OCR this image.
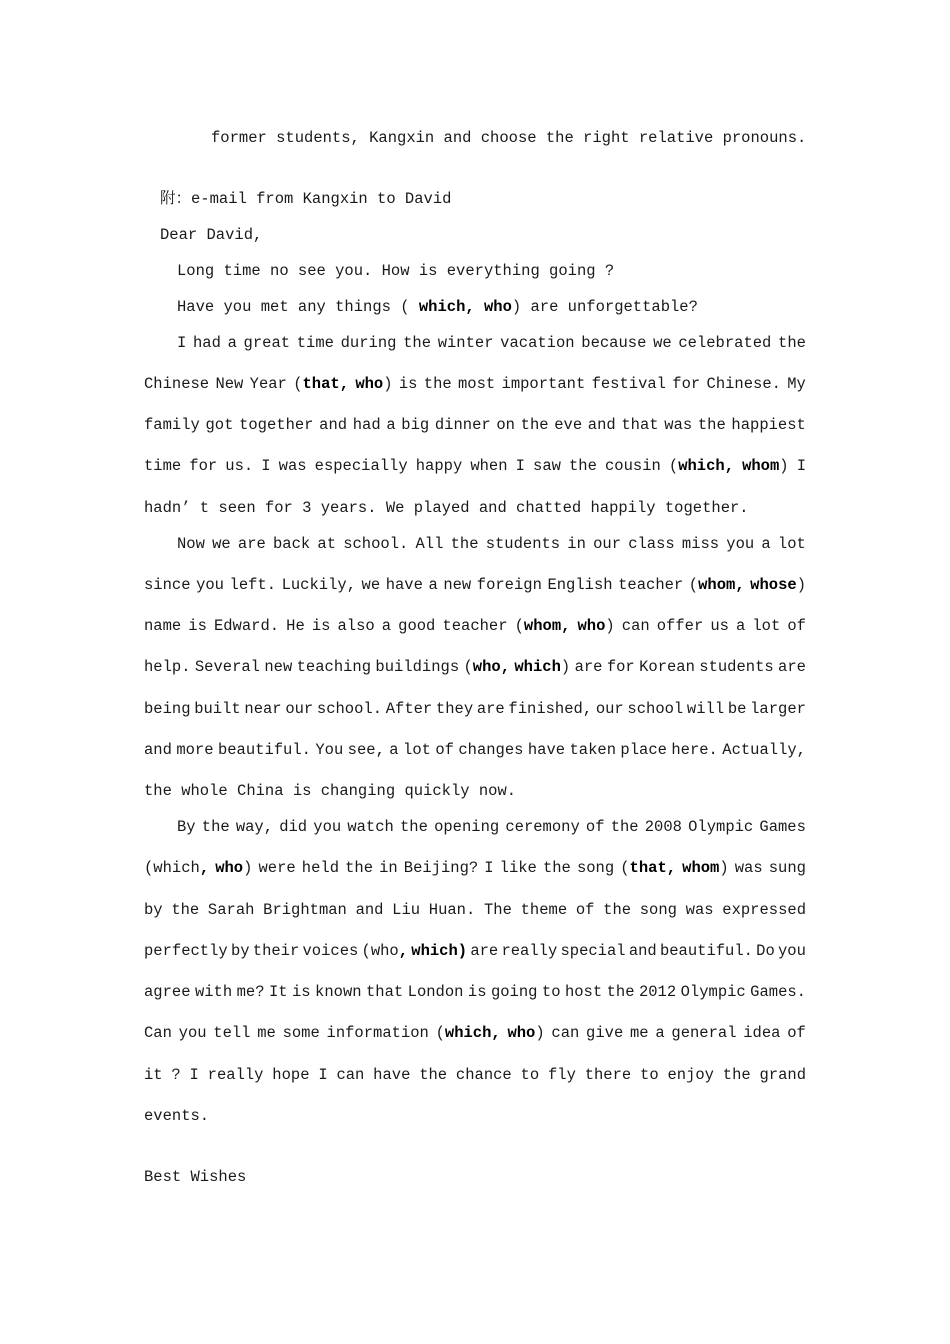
former students, Kangxin and choose the right relative pronouns.
附：e-mail from Kangxin to David
Dear David,
Long time no see you. How is everything going ?
Have you met any things ( which, who) are unforgettable?
I had a great time during the winter vacation because we celebrated the
Chinese New Year (that, who) is the most important festival for Chinese. My
family got together and had a big dinner on the eve and that was the happiest
time for us. I was especially happy when I saw the cousin (which, whom) I
hadn’ t seen for 3 years. We played and chatted happily together.
Now we are back at school. All the students in our class miss you a lot
since you left. Luckily, we have a new foreign English teacher (whom, whose)
name is Edward. He is also a good teacher (whom, who) can offer us a lot of
help. Several new teaching buildings (who, which) are for Korean students are
being built near our school. After they are finished, our school will be larger
and more beautiful. You see, a lot of changes have taken place here. Actually,
the whole China is changing quickly now.
By the way, did you watch the opening ceremony of the 2008 Olympic Games
(which, who) were held the in Beijing? I like the song (that, whom) was sung
by the Sarah Brightman and Liu Huan. The theme of the song was expressed
perfectly by their voices (who, which) are really special and beautiful. Do you
agree with me? It is known that London is going to host the 2012 Olympic Games.
Can you tell me some information (which, who) can give me a general idea of
it ? I really hope I can have the chance to fly there to enjoy the grand
events.
Best Wishes
